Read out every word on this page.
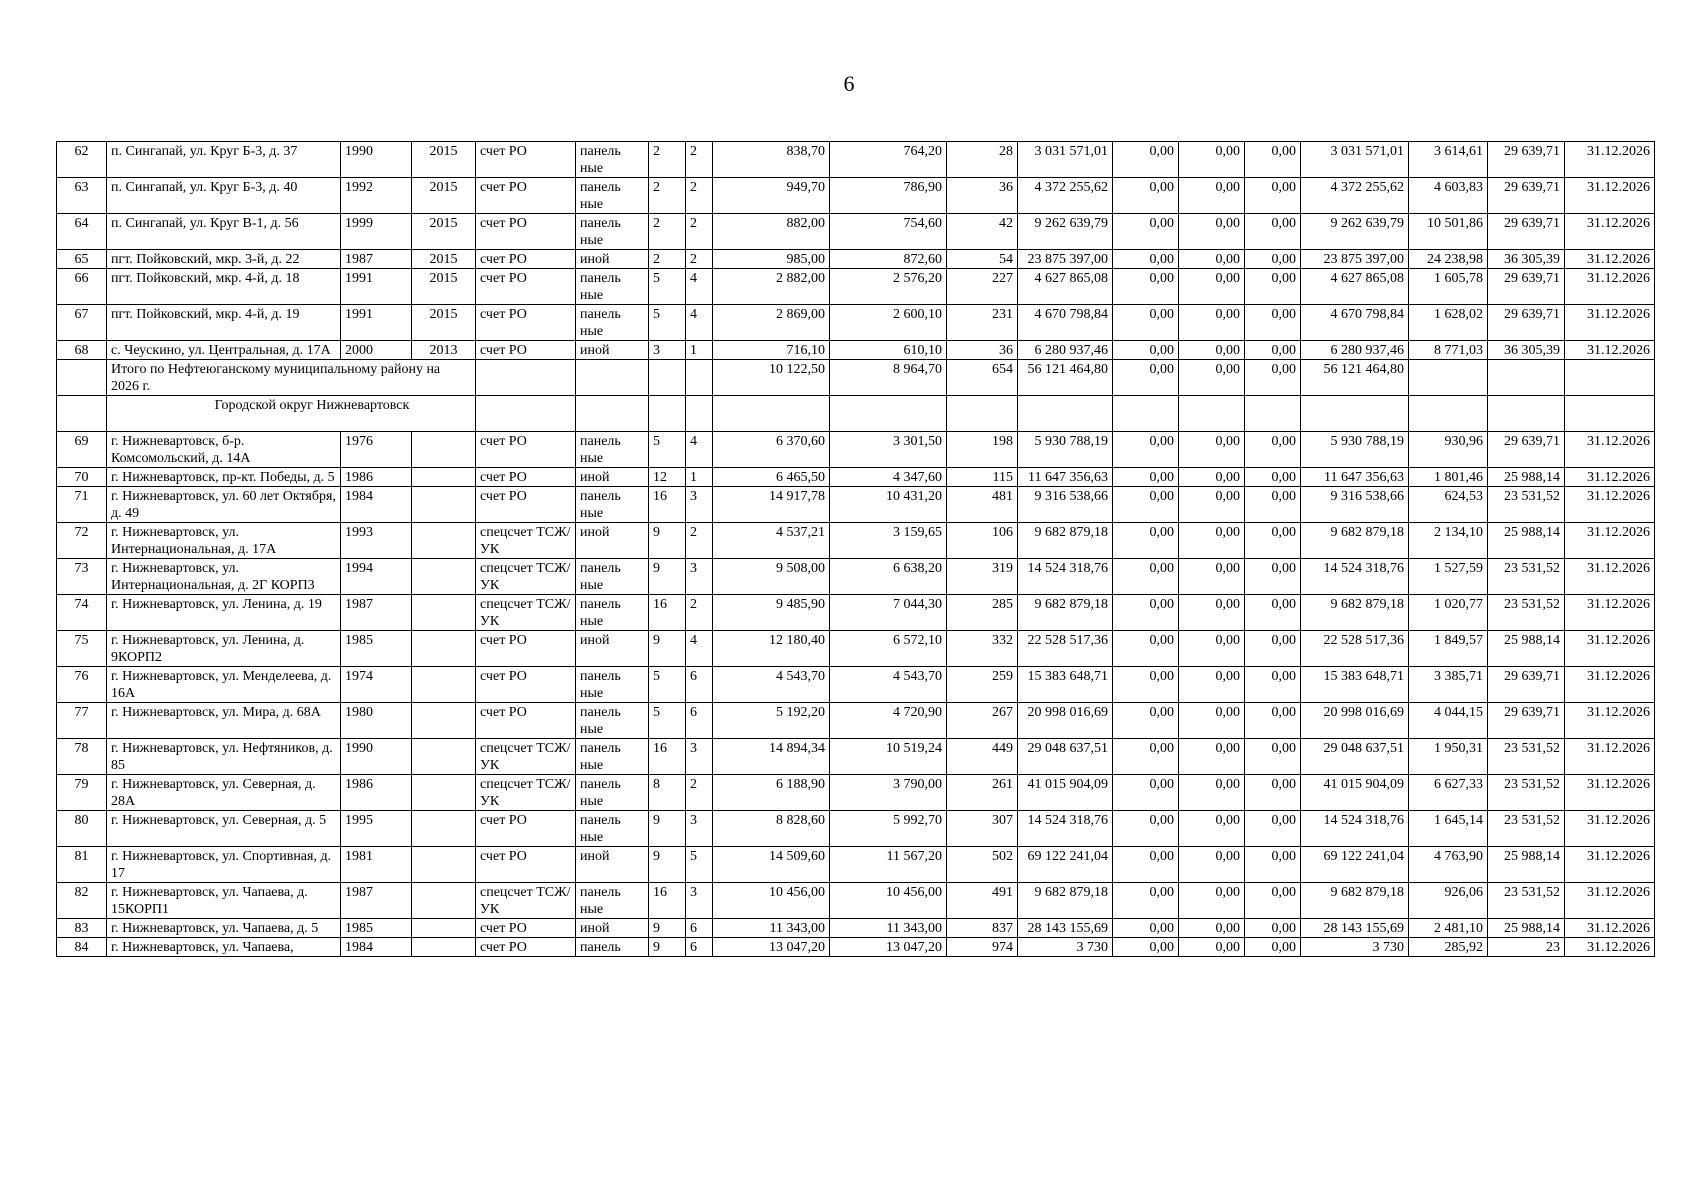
6
62	п. Сингапай, ул. Круг Б-3, д. 37	1990	2015	счет РО	панель ные	2	2	838,70	764,20	28	3 031 571,01	0,00	0,00	0,00	3 031 571,01	3 614,61	29 639,71	31.12.2026
63	п. Сингапай, ул. Круг Б-3, д. 40	1992	2015	счет РО	панель ные	2	2	949,70	786,90	36	4 372 255,62	0,00	0,00	0,00	4 372 255,62	4 603,83	29 639,71	31.12.2026
64	п. Сингапай, ул. Круг В-1, д. 56	1999	2015	счет РО	панель ные	2	2	882,00	754,60	42	9 262 639,79	0,00	0,00	0,00	9 262 639,79	10 501,86	29 639,71	31.12.2026
65	пгт. Пойковский, мкр. 3-й, д. 22	1987	2015	счет РО	иной	2	2	985,00	872,60	54	23 875 397,00	0,00	0,00	0,00	23 875 397,00	24 238,98	36 305,39	31.12.2026
66	пгт. Пойковский, мкр. 4-й, д. 18	1991	2015	счет РО	панель ные	5	4	2 882,00	2 576,20	227	4 627 865,08	0,00	0,00	0,00	4 627 865,08	1 605,78	29 639,71	31.12.2026
67	пгт. Пойковский, мкр. 4-й, д. 19	1991	2015	счет РО	панель ные	5	4	2 869,00	2 600,10	231	4 670 798,84	0,00	0,00	0,00	4 670 798,84	1 628,02	29 639,71	31.12.2026
68	с. Чеускино, ул. Центральная, д. 17А	2000	2013	счет РО	иной	3	1	716,10	610,10	36	6 280 937,46	0,00	0,00	0,00	6 280 937,46	8 771,03	36 305,39	31.12.2026
	Итого по Нефтеюганскому муниципальному району на 2026 г.							10 122,50	8 964,70	654	56 121 464,80	0,00	0,00	0,00	56 121 464,80			
	Городской округ Нижневартовск																	
69	г. Нижневартовск, б-р. Комсомольский, д. 14А	1976		счет РО	панель ные	5	4	6 370,60	3 301,50	198	5 930 788,19	0,00	0,00	0,00	5 930 788,19	930,96	29 639,71	31.12.2026
70	г. Нижневартовск, пр-кт. Победы, д. 5	1986		счет РО	иной	12	1	6 465,50	4 347,60	115	11 647 356,63	0,00	0,00	0,00	11 647 356,63	1 801,46	25 988,14	31.12.2026
71	г. Нижневартовск, ул. 60 лет Октября, д. 49	1984		счет РО	панель ные	16	3	14 917,78	10 431,20	481	9 316 538,66	0,00	0,00	0,00	9 316 538,66	624,53	23 531,52	31.12.2026
72	г. Нижневартовск, ул. Интернациональная, д. 17А	1993		спецсчет ТСЖ/УК	иной	9	2	4 537,21	3 159,65	106	9 682 879,18	0,00	0,00	0,00	9 682 879,18	2 134,10	25 988,14	31.12.2026
73	г. Нижневартовск, ул. Интернациональная, д. 2Г КОРП3	1994		спецсчет ТСЖ/УК	панель ные	9	3	9 508,00	6 638,20	319	14 524 318,76	0,00	0,00	0,00	14 524 318,76	1 527,59	23 531,52	31.12.2026
74	г. Нижневартовск, ул. Ленина, д. 19	1987		спецсчет ТСЖ/УК	панель ные	16	2	9 485,90	7 044,30	285	9 682 879,18	0,00	0,00	0,00	9 682 879,18	1 020,77	23 531,52	31.12.2026
75	г. Нижневартовск, ул. Ленина, д. 9КОРП2	1985		счет РО	иной	9	4	12 180,40	6 572,10	332	22 528 517,36	0,00	0,00	0,00	22 528 517,36	1 849,57	25 988,14	31.12.2026
76	г. Нижневартовск, ул. Менделеева, д. 16А	1974		счет РО	панель ные	5	6	4 543,70	4 543,70	259	15 383 648,71	0,00	0,00	0,00	15 383 648,71	3 385,71	29 639,71	31.12.2026
77	г. Нижневартовск, ул. Мира, д. 68А	1980		счет РО	панель ные	5	6	5 192,20	4 720,90	267	20 998 016,69	0,00	0,00	0,00	20 998 016,69	4 044,15	29 639,71	31.12.2026
78	г. Нижневартовск, ул. Нефтяников, д. 85	1990		спецсчет ТСЖ/УК	панель ные	16	3	14 894,34	10 519,24	449	29 048 637,51	0,00	0,00	0,00	29 048 637,51	1 950,31	23 531,52	31.12.2026
79	г. Нижневартовск, ул. Северная, д. 28А	1986		спецсчет ТСЖ/УК	панель ные	8	2	6 188,90	3 790,00	261	41 015 904,09	0,00	0,00	0,00	41 015 904,09	6 627,33	23 531,52	31.12.2026
80	г. Нижневартовск, ул. Северная, д. 5	1995		счет РО	панель ные	9	3	8 828,60	5 992,70	307	14 524 318,76	0,00	0,00	0,00	14 524 318,76	1 645,14	23 531,52	31.12.2026
81	г. Нижневартовск, ул. Спортивная, д. 17	1981		счет РО	иной	9	5	14 509,60	11 567,20	502	69 122 241,04	0,00	0,00	0,00	69 122 241,04	4 763,90	25 988,14	31.12.2026
82	г. Нижневартовск, ул. Чапаева, д. 15КОРП1	1987		спецсчет ТСЖ/УК	панель ные	16	3	10 456,00	10 456,00	491	9 682 879,18	0,00	0,00	0,00	9 682 879,18	926,06	23 531,52	31.12.2026
83	г. Нижневартовск, ул. Чапаева, д. 5	1985		счет РО	иной	9	6	11 343,00	11 343,00	837	28 143 155,69	0,00	0,00	0,00	28 143 155,69	2 481,10	25 988,14	31.12.2026
84	г. Нижневартовск, ул. Чапаева,	1984		счет РО	панель	9	6	13 047,20	13 047,20	974	3 730	0,00	0,00	0,00	3 730	285,92	23	31.12.2026
